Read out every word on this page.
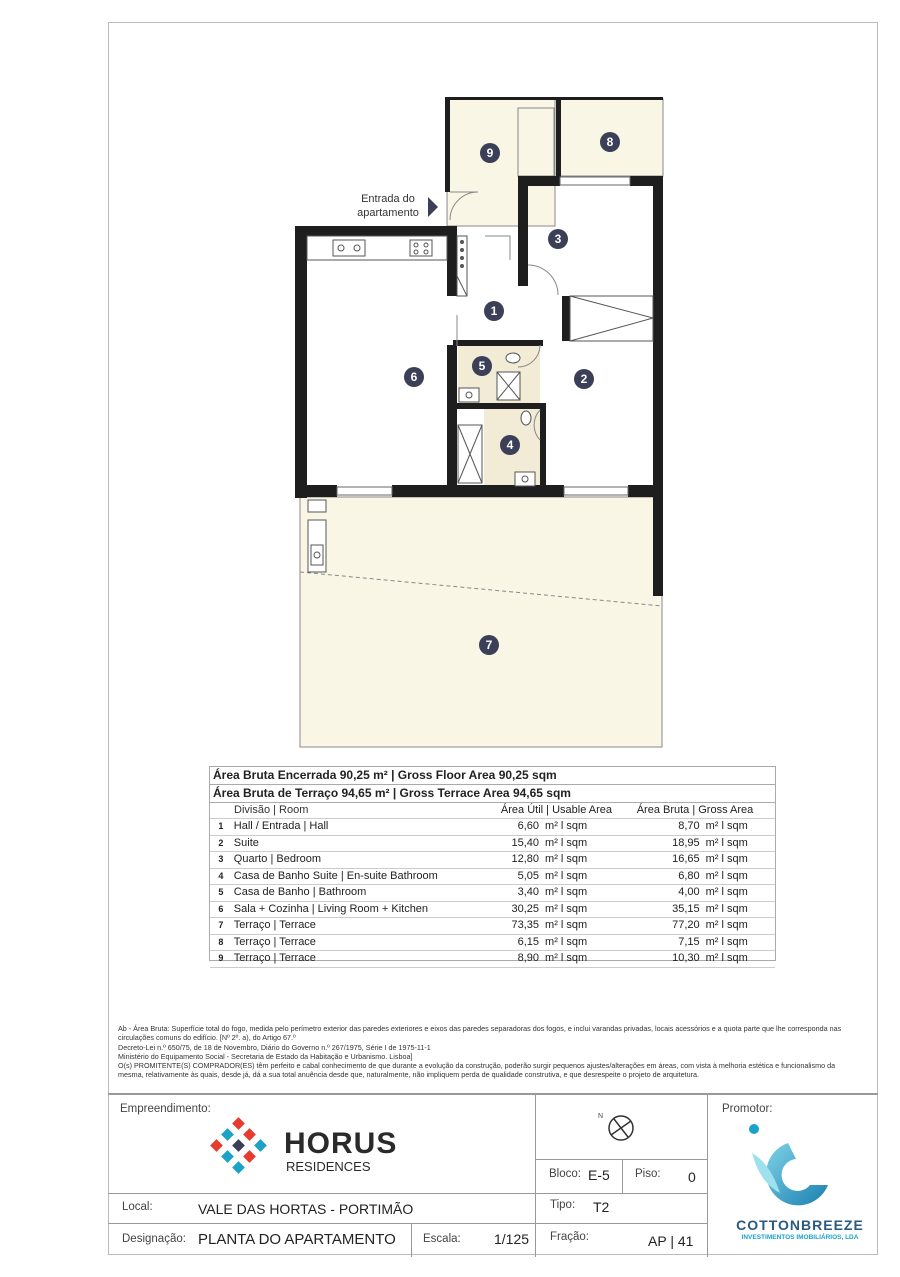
Entrada do
apartamento
9
8
3
1
5
6	2
4
7
Área Bruta Encerrada 90,25 m² | Gross Floor Area 90,25 sqm
Área Bruta de Terraço 94,65 m² | Gross Terrace Area 94,65 sqm
Divisão | Room	Área Útil | Usable Area	Área Bruta | Gross Area
1 Hall / Entrada | Hall	6,60 m² l sqm	8,70 m² l sqm
2 Suite	15,40 m² l sqm	18,95 m² l sqm
3 Quarto | Bedroom	12,80 m² l sqm	16,65 m² l sqm
4 Casa de Banho Suite | En-suite Bathroom	5,05 m² l sqm	6,80 m² l sqm
5 Casa de Banho | Bathroom	3,40 m² l sqm	4,00 m² l sqm
6 Sala + Cozinha | Living Room + Kitchen	30,25 m² l sqm	35,15 m² l sqm
7 Terraço | Terrace	73,35 m² l sqm	77,20 m² l sqm
8 Terraço | Terrace	6,15 m² l sqm	7,15 m² l sqm
9 Terraço | Terrace	8,90 m² l sqm	10,30 m² l sqm
Ab - Área Bruta: Superfície total do fogo, medida pelo perímetro exterior das paredes exteriores e eixos das paredes separadoras dos fogos, e inclui varandas privadas, locais acessórios e a quota parte que lhe corresponda nas
circulações comuns do edifício. [Nº 2º. a), do Artigo 67.º
Decreto-Lei n.º 650/75, de 18 de Novembro, Diário do Governo n.º 267/1975, Série I de 1975-11-1
Ministério do Equipamento Social - Secretaria de Estado da Habitação e Urbanismo. Lisboa]
O(s) PROMITENTE(S) COMPRADOR(ES) têm perfeito e cabal conhecimento de que durante a evolução da construção, poderão surgir pequenos ajustes/alterações em áreas, com vista à melhoria estética e funcionalismo da
mesma, relativamente às quais, desde já, dá a sua total anuência desde que, naturalmente, não impliquem perda de qualidade construtiva, e que desrespeite o projeto de arquitetura.
Empreendimento:
HORUS
RESIDENCES
N
Bloco: E-5 Piso: 0
Local:	VALE DAS HORTAS - PORTIMÃO	Tipo: T2
Designação: PLANTA DO APARTAMENTO Escala: 1/125 Fração:	AP | 41
Promotor:
COTTONBREEZE
INVESTIMENTOS IMOBILIÁRIOS, LDA
